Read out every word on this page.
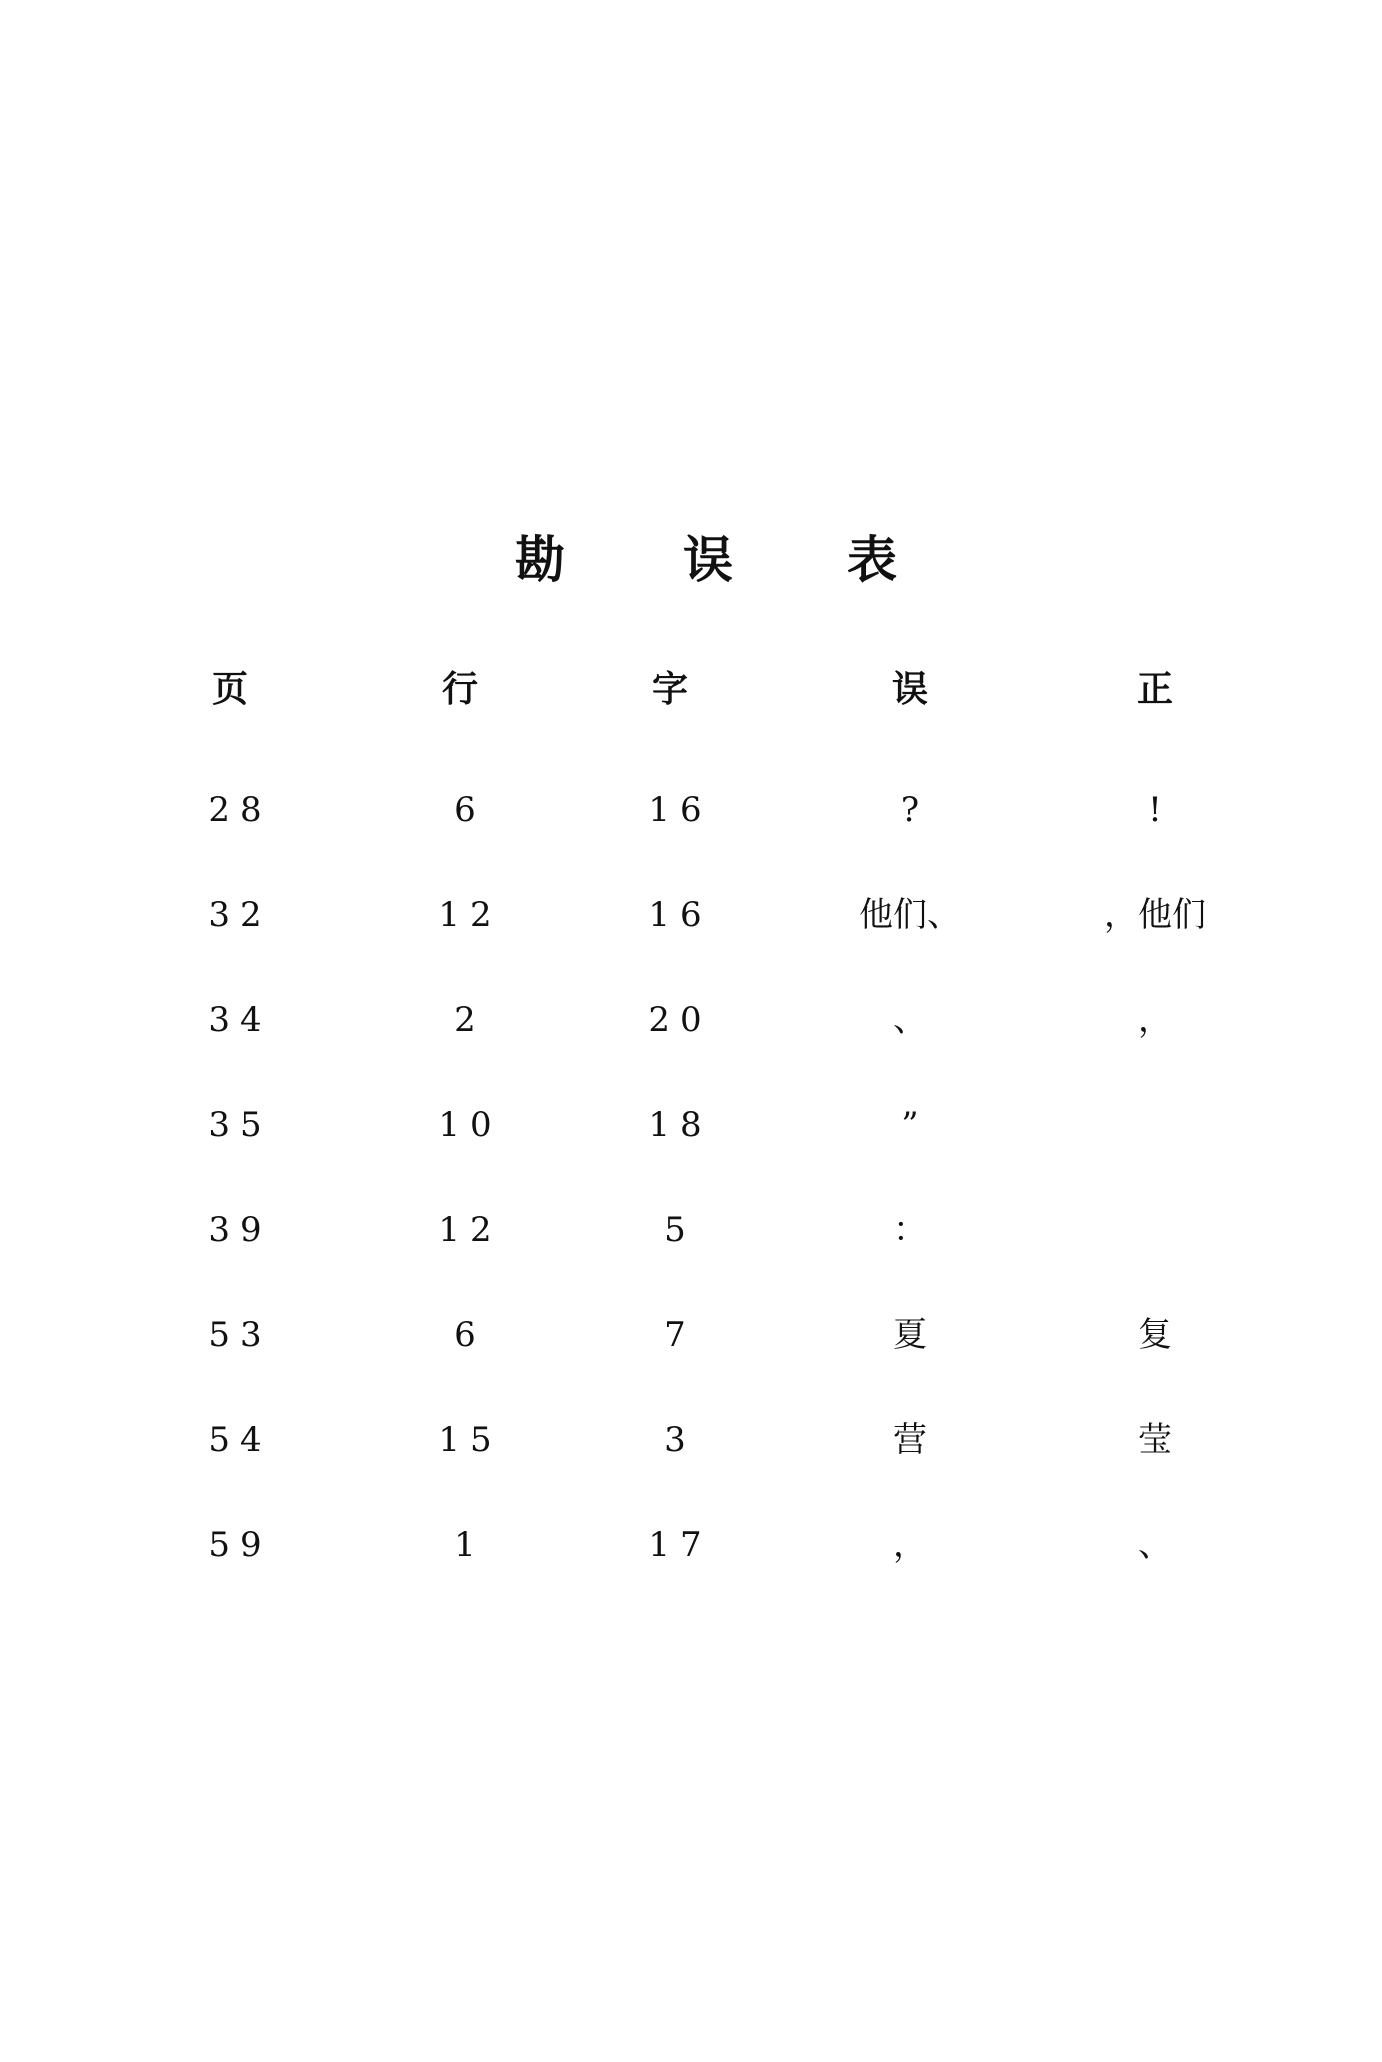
勘	误	表
页	行	字	误	正
28	6	16	?	!
32	12	16	他们、	，他们
34	2	20	、	，
35	10	18	”
39	12	5	：
53	6	7	夏	复
54	15	3	营	莹
59	1	17	，	、
